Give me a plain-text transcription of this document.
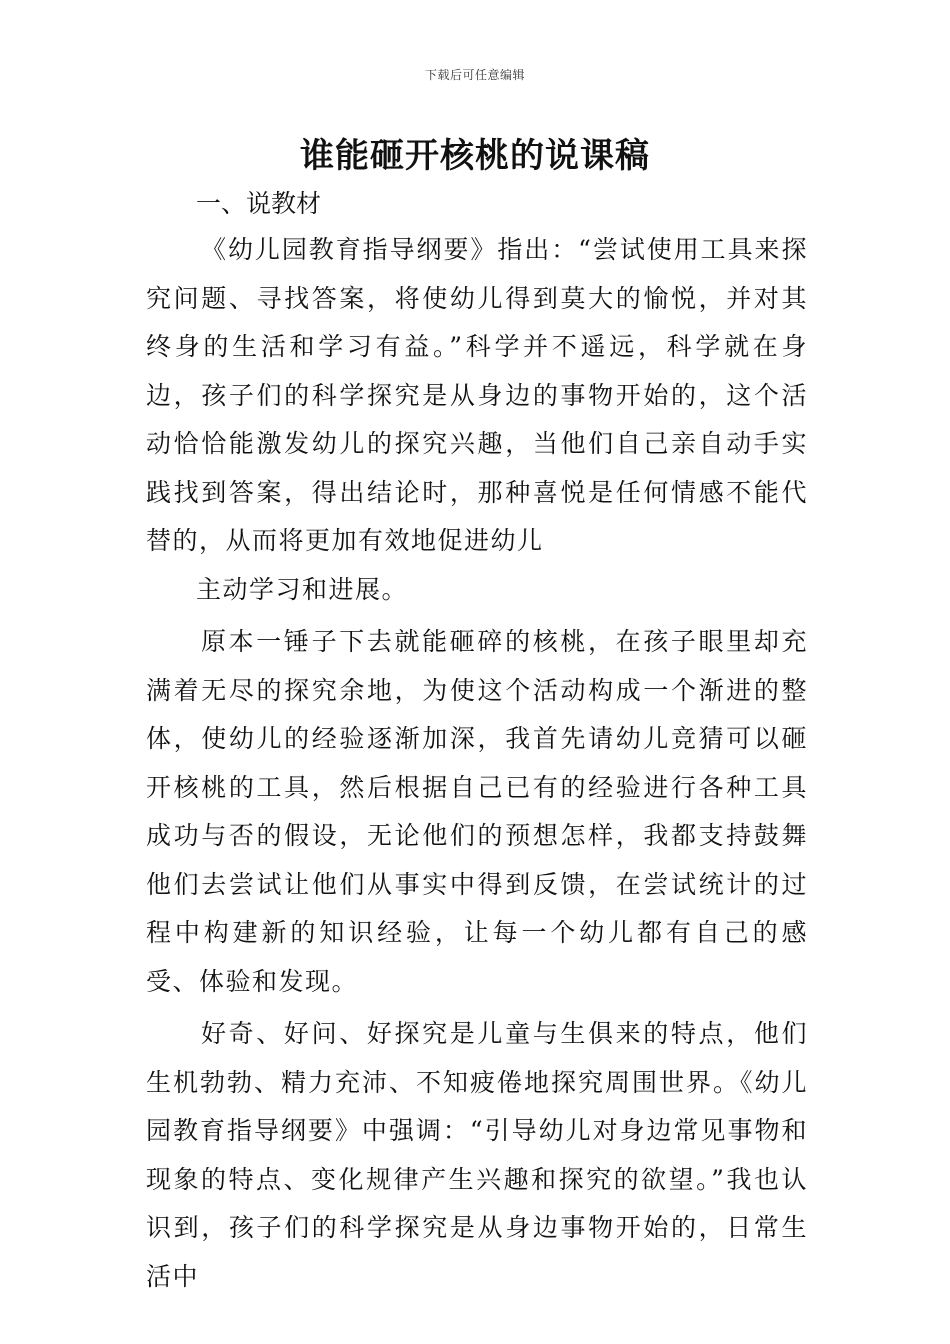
下载后可任意编辑
谁能砸开核桃的说课稿
一、说教材

《幼儿园教育指导纲要》指出：“尝试使用工具来探究问题、寻找答案，将使幼儿得到莫大的愉悦，并对其终身的生活和学习有益。”科学并不遥远，科学就在身边，孩子们的科学探究是从身边的事物开始的，这个活动恰恰能激发幼儿的探究兴趣，当他们自己亲自动手实践找到答案，得出结论时，那种喜悦是任何情感不能代替的，从而将更加有效地促进幼儿

主动学习和进展。

原本一锤子下去就能砸碎的核桃，在孩子眼里却充满着无尽的探究余地，为使这个活动构成一个渐进的整体，使幼儿的经验逐渐加深，我首先请幼儿竞猜可以砸开核桃的工具，然后根据自己已有的经验进行各种工具成功与否的假设，无论他们的预想怎样，我都支持鼓舞他们去尝试让他们从事实中得到反馈，在尝试统计的过程中构建新的知识经验，让每一个幼儿都有自己的感受、体验和发现。

好奇、好问、好探究是儿童与生俱来的特点，他们生机勃勃、精力充沛、不知疲倦地探究周围世界。《幼儿园教育指导纲要》中强调：“引导幼儿对身边常见事物和现象的特点、变化规律产生兴趣和探究的欲望。”我也认识到，孩子们的科学探究是从身边事物开始的，日常生活中
